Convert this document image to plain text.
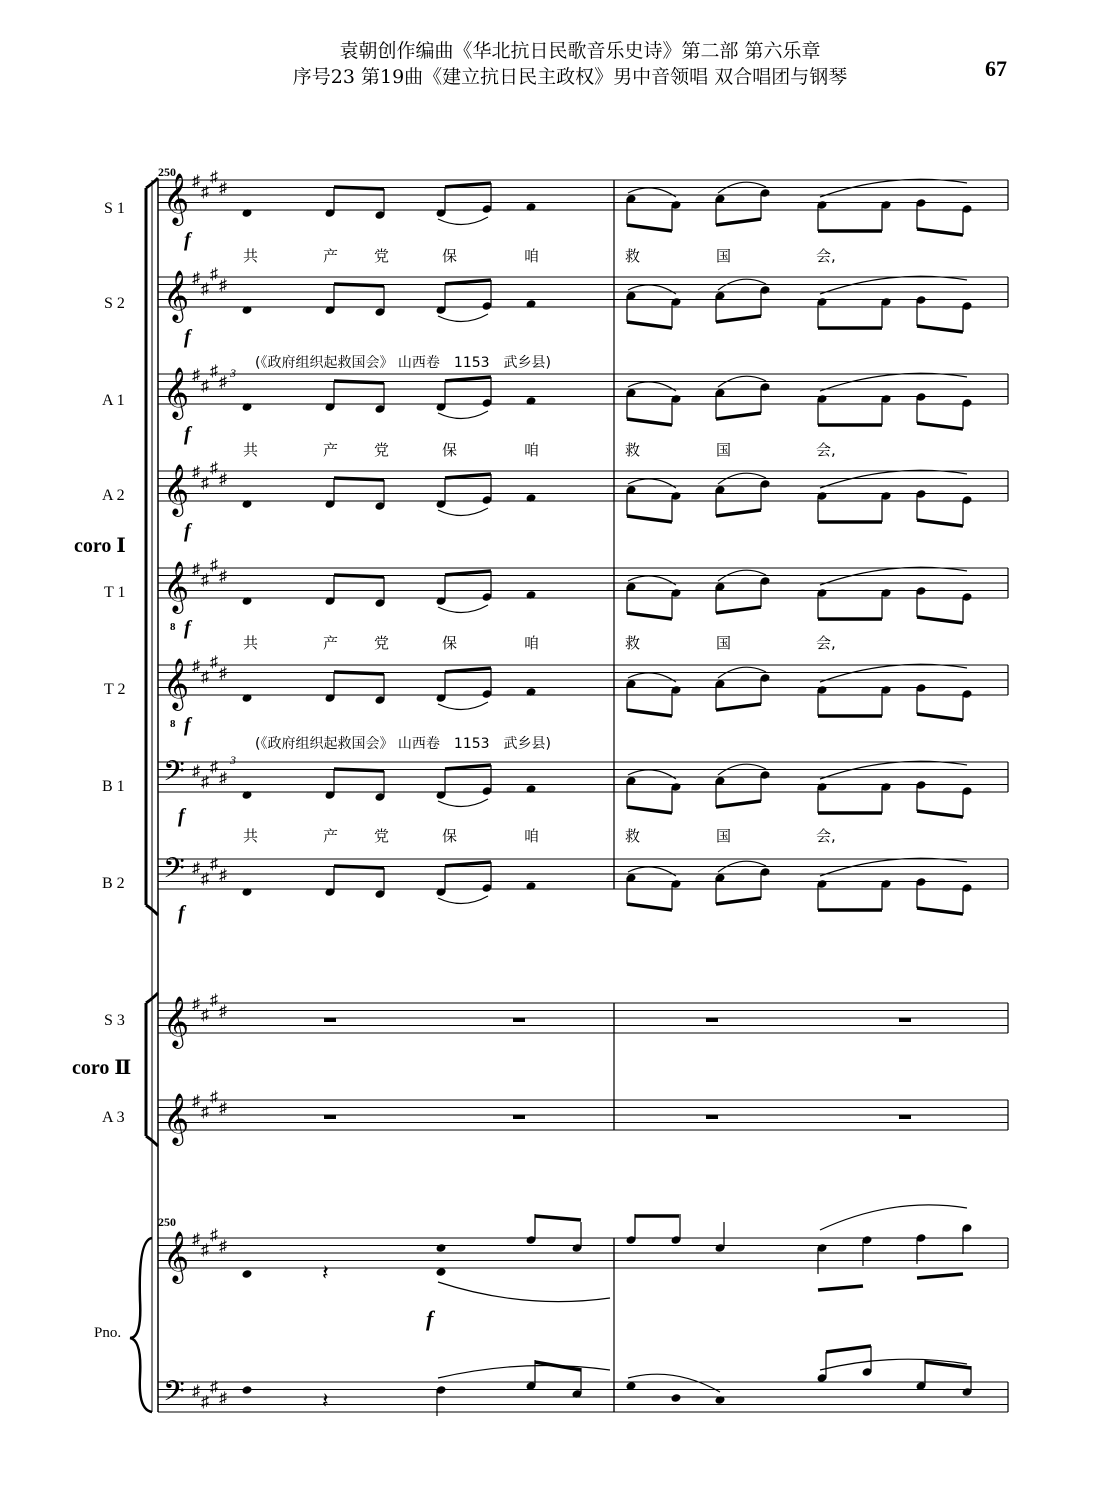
袁朝创作编曲《华北抗日民歌音乐史诗》第二部 第六乐章
序号23 第19曲《建立抗日民主政权》男中音领唱 双合唱团与钢琴	67
𝄞 ♯
♯
♯
♯
𝄞 ♯
♯
♯
♯
𝄞 ♯
♯
♯
♯
𝄞 ♯
♯
♯
♯
𝄞
8
♯
♯
♯
♯
𝄞
8
♯
♯
♯
♯
𝄢 ♯
♯
♯
♯
𝄢 ♯
♯
♯
♯
𝄞 ♯
♯
♯
♯
𝄞 ♯
♯
♯
♯
𝄞 ♯
♯
♯
♯
𝄢 ♯
♯
♯
♯
𝄽
𝄽
250
250
S 1
S 2
A 1
A 2
T 1
T 2
B 1
B 2
S 3
A 3
Pno.
coro Ⅰ
coro Ⅱ
f
f
f
f
f
f
f
f
f
3
3
(《政府组织起救国会》 山西卷　1153　武乡县)
(《政府组织起救国会》 山西卷　1153　武乡县)
共	产 党	保	咱	救	国	会,
共	产 党	保	咱	救	国	会,
共	产 党	保	咱	救	国	会,
共	产 党	保	咱	救	国	会,
